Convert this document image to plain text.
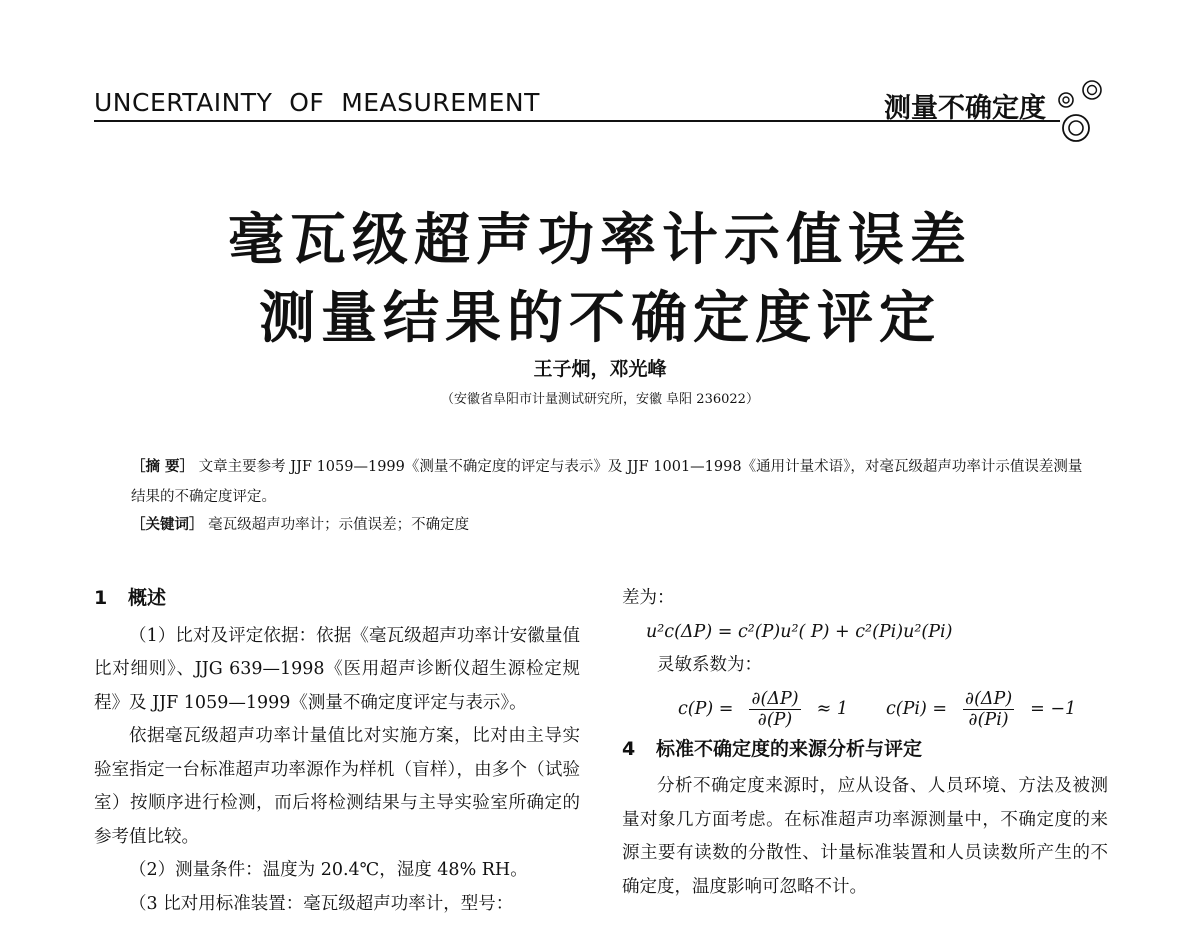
UNCERTAINTY  OF  MEASUREMENT	测量不确定度
毫瓦级超声功率计示值误差
测量结果的不确定度评定
王子炯，邓光峰
（安徽省阜阳市计量测试研究所，安徽 阜阳 236022）
［摘 要］ 文章主要参考 JJF 1059—1999《测量不确定度的评定与表示》及 JJF 1001—1998《通用计量术语》，对毫瓦级超声功率计示值误差测量结果的不确定度评定。
［关键词］ 毫瓦级超声功率计；示值误差；不确定度
1 概述

（1）比对及评定依据：依据《毫瓦级超声功率计安徽量值比对细则》、JJG 639—1998《医用超声诊断仪超生源检定规程》及 JJF 1059—1999《测量不确定度评定与表示》。

依据毫瓦级超声功率计量值比对实施方案，比对由主导实验室指定一台标准超声功率源作为样机（盲样），由多个（试验室）按顺序进行检测，而后将检测结果与主导实验室所确定的参考值比较。

（2）测量条件：温度为 20.4℃，湿度 48% RH。

（3 比对用标准装置：毫瓦级超声功率计，型号：

差为：

u²c(ΔP) = c²(P)u²( P) + c²(Pi)u²(Pi)

灵敏系数为：

$c(P) = \frac{\partial(\Delta P)}{\partial(P)} \approx 1$ $c(Pi) = \frac{\partial(\Delta P)}{\partial(Pi)} = -1$
4 标准不确定度的来源分析与评定

分析不确定度来源时，应从设备、人员环境、方法及被测量对象几方面考虑。在标准超声功率源测量中，不确定度的来源主要有读数的分散性、计量标准装置和人员读数所产生的不确定度，温度影响可忽略不计。
